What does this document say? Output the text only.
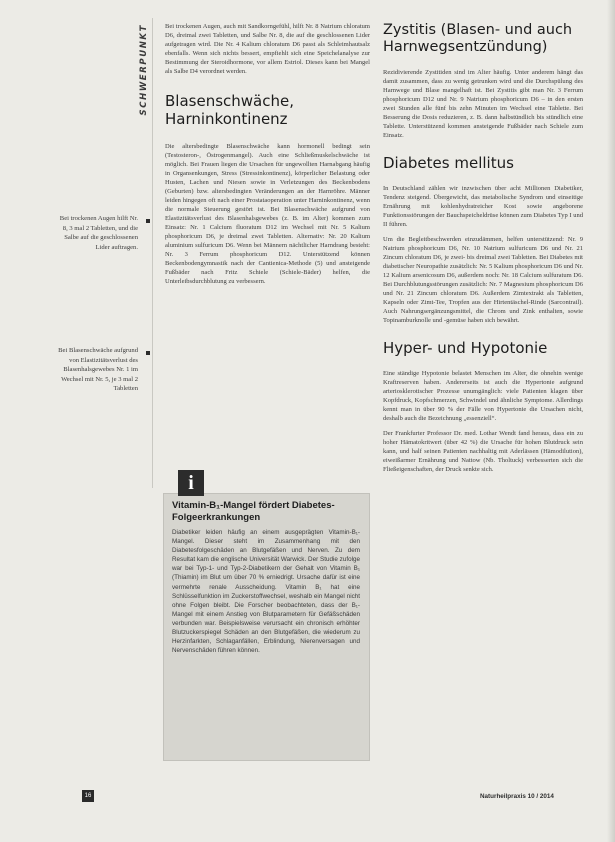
SCHWERPUNKT
Bei trockenen Augen hilft Nr. 8, 3 mal 2 Tabletten, und die Salbe auf die geschlossenen Lider auftragen.
Bei Blasenschwäche aufgrund von Elastizitätsverlust des Blasenhalsgewebes Nr. 1 im Wechsel mit Nr. 5, je 3 mal 2 Tabletten

Bei trockenen Augen, auch mit Sandkorngefühl, hilft Nr. 8 Natrium chloratum D6, dreimal zwei Tabletten, und Salbe Nr. 8, die auf die geschlossenen Lider aufgetragen wird. Die Nr. 4 Kalium chloratum D6 passt als Schleimhautsalz ebenfalls. Wenn sich nichts bessert, empfiehlt sich eine Speichelanalyse zur Bestimmung der Steroidhormone, vor allem Estriol. Dieses kann bei Mangel als Salbe D4 verordnet werden.

Blasenschwäche, Harninkontinenz

Die altersbedingte Blasenschwäche kann hormonell bedingt sein (Testosteron-, Östrogenmangel). Auch eine Schließmuskelschwäche ist möglich. Bei Frauen liegen die Ursachen für ungewollten Harnabgang häufig in Organsenkungen, Stress (Stressinkontinenz), körperlicher Belastung oder Husten, Lachen und Niesen sowie in Verletzungen des Beckenbodens (Geburten) bzw. altersbedingten Veränderungen an der Harnröhre. Männer leiden hingegen oft nach einer Prostataoperation unter Harninkontinenz, wenn die normale Steuerung gestört ist. Bei Blasenschwäche aufgrund von Elastizitätsverlust des Blasenhalsgewebes (z. B. im Alter) kommen zum Einsatz: Nr. 1 Calcium fluoratum D12 im Wechsel mit Nr. 5 Kalium phosphoricum D6, je dreimal zwei Tabletten. Alternativ: Nr. 20 Kalium aluminium sulfuricum D6. Wenn bei Männern nächtlicher Harndrang besteht: Nr. 3 Ferrum phosphoricum D12. Unterstützend können Beckenbodengymnastik nach der Cantienica-Methode (5) und ansteigende Fußbäder nach Fritz Schiele (Schiele-Bäder) helfen, die Unterleibsdurchblutung zu verbessern.

i
Vitamin-B₁-Mangel fördert Diabetes-Folgeerkrankungen
Diabetiker leiden häufig an einem ausgeprägten Vitamin-B₁-Mangel. Dieser steht im Zusammenhang mit den Diabetesfolgeschäden an Blutgefäßen und Nerven. Zu dem Resultat kam die englische Universität Warwick. Der Studie zufolge war bei Typ-1- und Typ-2-Diabetikern der Gehalt von Vitamin B₁ (Thiamin) im Blut um über 70 % erniedrigt. Ursache dafür ist eine vermehrte renale Ausscheidung. Vitamin B₁ hat eine Schlüsselfunktion im Zuckerstoffwechsel, weshalb ein Mangel nicht ohne Folgen bleibt. Die Forscher beobachteten, dass der B₁-Mangel mit einem Anstieg von Blutparametern für Gefäßschäden verbunden war. Beispielsweise verursacht ein chronisch erhöhter Blutzuckerspiegel Schäden an den Blutgefäßen, die wiederum zu Herzinfarkten, Schlaganfällen, Erblindung, Nierenversagen und Nervenschäden führen können.
Zystitis (Blasen- und auch Harnwegsentzündung)

Rezidivierende Zystitiden sind im Alter häufig. Unter anderem hängt das damit zusammen, dass zu wenig getrunken wird und die Durchspülung des Harnwege und Blase mangelhaft ist. Bei Zystitis gibt man Nr. 3 Ferrum phosphoricum D12 und Nr. 9 Natrium phosphoricum D6 – in den ersten zwei Stunden alle fünf bis zehn Minuten im Wechsel eine Tablette. Bei Besserung die Dosis reduzieren, z. B. dann halbstündlich bis stündlich eine Tablette. Unterstützend kommen ansteigende Fußbäder nach Schiele zum Einsatz.

Diabetes mellitus

In Deutschland zählen wir inzwischen über acht Millionen Diabetiker, Tendenz steigend. Übergewicht, das metabolische Syndrom und einseitige Ernährung mit kohlenhydratreicher Kost sowie angeborene Funktionsstörungen der Bauchspeicheldrüse können zum Diabetes Typ I und II führen.

Um die Begleitbeschwerden einzudämmen, helfen unterstützend: Nr. 9 Natrium phosphoricum D6, Nr. 10 Natrium sulfuricum D6 und Nr. 21 Zincum chloratum D6, je zwei- bis dreimal zwei Tabletten. Bei Diabetes mit diabetischer Neuropathie zusätzlich: Nr. 5 Kalium phosphoricum D6 und Nr. 12 Kalium arsenicosum D6, außerdem noch: Nr. 18 Calcium sulfuratum D6. Bei Durchblutungsstörungen zusätzlich: Nr. 7 Magnesium phosphoricum D6 und Nr. 21 Zincum chloratum D6. Außerdem Zimtextrakt als Tabletten, Kapseln oder Zimt-Tee, Tropfen aus der Hirtentäschel-Rinde (Sarcontrail). Auch Nahrungsergänzungsmittel, die Chrom und Zink enthalten, sowie Topinamburknolle und -gemüse haben sich bewährt.

Hyper- und Hypotonie

Eine ständige Hypotonie belastet Menschen im Alter, die ohnehin wenige Kraftreserven haben. Andererseits ist auch die Hypertonie aufgrund arteriosklerotischer Prozesse unumgänglich: viele Patienten klagen über Kopfdruck, Kopfschmerzen, Schwindel und ähnliche Symptome. Allerdings kennt man in über 90 % der Fälle von Hypertonie die Ursachen nicht, deshalb auch die Bezeichnung „essenziell“.

Der Frankfurter Professor Dr. med. Lothar Wendt fand heraus, dass ein zu hoher Hämatokritwert (über 42 %) die Ursache für hohen Blutdruck sein kann, und half seinen Patienten nachhaltig mit Aderlässen (Hämodilution), eiweißarmer Ernährung und Nattow (Nb. Tholtuck) verbesserten sich die Fließeigenschaften, der Druck senkte sich.

16	Naturheilpraxis 10 / 2014
